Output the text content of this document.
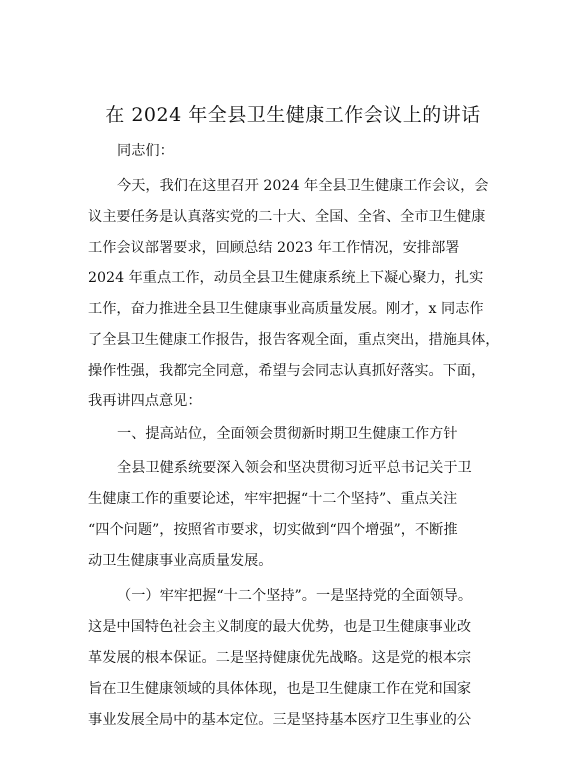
在 2024 年全县卫生健康工作会议上的讲话
同志们：
今天，我们在这里召开 2024 年全县卫生健康工作会议，会
议主要任务是认真落实党的二十大、全国、全省、全市卫生健康
工作会议部署要求，回顾总结 2023 年工作情况，安排部署
2024 年重点工作，动员全县卫生健康系统上下凝心聚力，扎实
工作，奋力推进全县卫生健康事业高质量发展。刚才，x 同志作
了全县卫生健康工作报告，报告客观全面，重点突出，措施具体，
操作性强，我都完全同意，希望与会同志认真抓好落实。下面，
我再讲四点意见：
一、提高站位，全面领会贯彻新时期卫生健康工作方针
全县卫健系统要深入领会和坚决贯彻习近平总书记关于卫
生健康工作的重要论述，牢牢把握“十二个坚持”、重点关注
“四个问题”，按照省市要求，切实做到“四个增强”，不断推
动卫生健康事业高质量发展。
（一）牢牢把握“十二个坚持”。一是坚持党的全面领导。
这是中国特色社会主义制度的最大优势，也是卫生健康事业改
革发展的根本保证。二是坚持健康优先战略。这是党的根本宗
旨在卫生健康领域的具体体现，也是卫生健康工作在党和国家
事业发展全局中的基本定位。三是坚持基本医疗卫生事业的公
